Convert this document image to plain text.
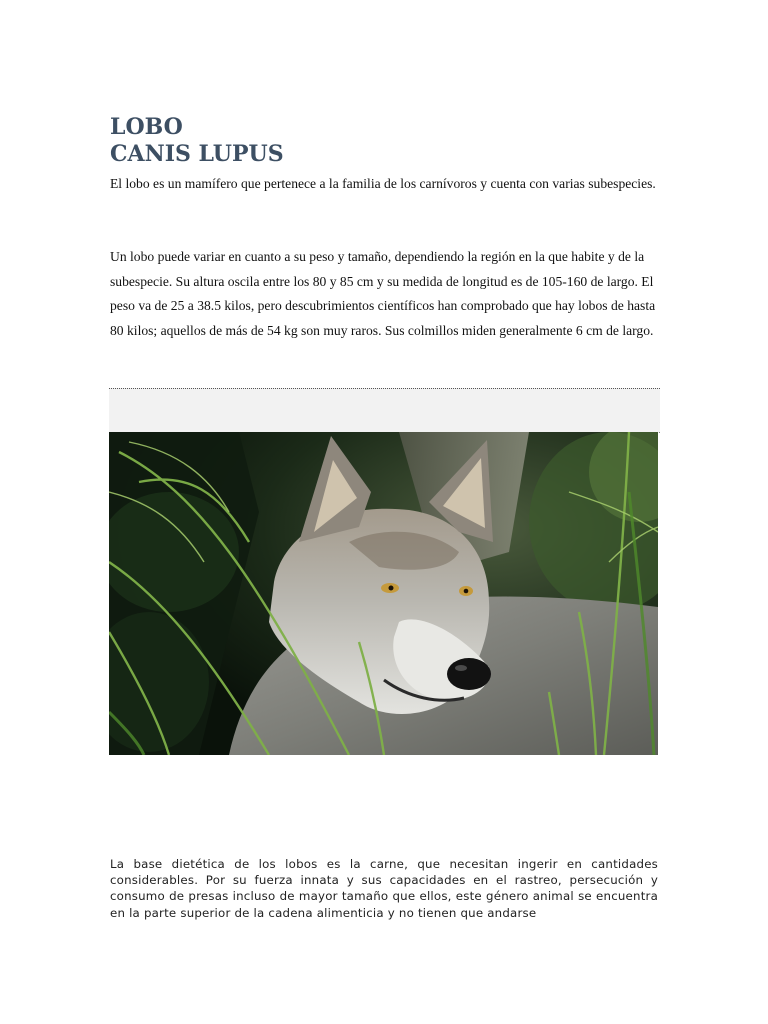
LOBO
CANIS LUPUS

El lobo es un mamífero que pertenece a la familia de los carnívoros y cuenta con varias subespecies.

Un lobo puede variar en cuanto a su peso y tamaño, dependiendo la región en la que habite y de la subespecie. Su altura oscila entre los 80 y 85 cm y su medida de longitud es de 105-160 de largo. El peso va de 25 a 38.5 kilos, pero descubrimientos científicos han comprobado que hay lobos de hasta 80 kilos; aquellos de más de 54 kg son muy raros. Sus colmillos miden generalmente 6 cm de largo.

La base dietética de los lobos es la carne, que necesitan ingerir en cantidades considerables. Por su fuerza innata y sus capacidades en el rastreo, persecución y consumo de presas incluso de mayor tamaño que ellos, este género animal se encuentra en la parte superior de la cadena alimenticia y no tienen que andarse
